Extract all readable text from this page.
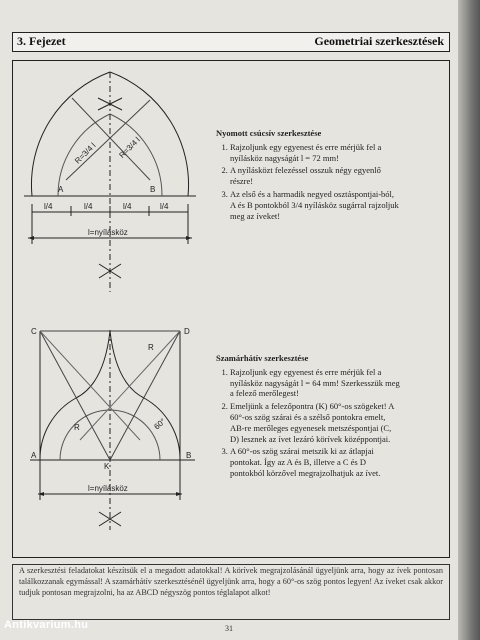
3. Fejezet	Geometriai szerkesztések
A	B
R=3/4 l R=3/4 l
l/4	l/4	l/4	l/4
l=nyílásköz
C	D
A	B
K
R
R	60°
l=nyílásköz
Nyomott csúcsív szerkesztése
1. Rajzoljunk egy egyenest és erre mérjük fel a nyílásköz nagyságát l = 72 mm!
2. A nyílásközt felezéssel osszuk négy egyenlő részre!
3. Az első és a harmadik negyed osztáspontjai-ból, A és B pontokból 3/4 nyílásköz sugárral rajzoljuk meg az íveket!
Szamárhátív szerkesztése
1. Rajzoljunk egy egyenest és erre mérjük fel a nyílásköz nagyságát l = 64 mm! Szerkesszük meg a felező merőlegest!
2. Emeljünk a felezőpontra (K) 60°-os szögeket! A 60°-os szög szárai és a szélső pontokra emelt, AB-re merőleges egyenesek metszéspontjai (C, D) lesznek az ívet lezáró körívek középpontjai.
3. A 60°-os szög szárai metszik ki az átlapjai pontokat. Így az A és B, illetve a C és D pontokból körzővel megrajzolhatjuk az ívet.
A szerkesztési feladatokat készítsük el a megadott adatokkal! A körívek megrajzolásánál ügyeljünk arra, hogy az ívek pontosan találkozzanak egymással! A szamárhátív szerkesztésénél ügyeljünk arra, hogy a 60°-os szög pontos legyen! Az íveket csak akkor tudjuk pontosan megrajzolni, ha az ABCD négyszög pontos téglalapot alkot!
31
Antikvarium.hu
